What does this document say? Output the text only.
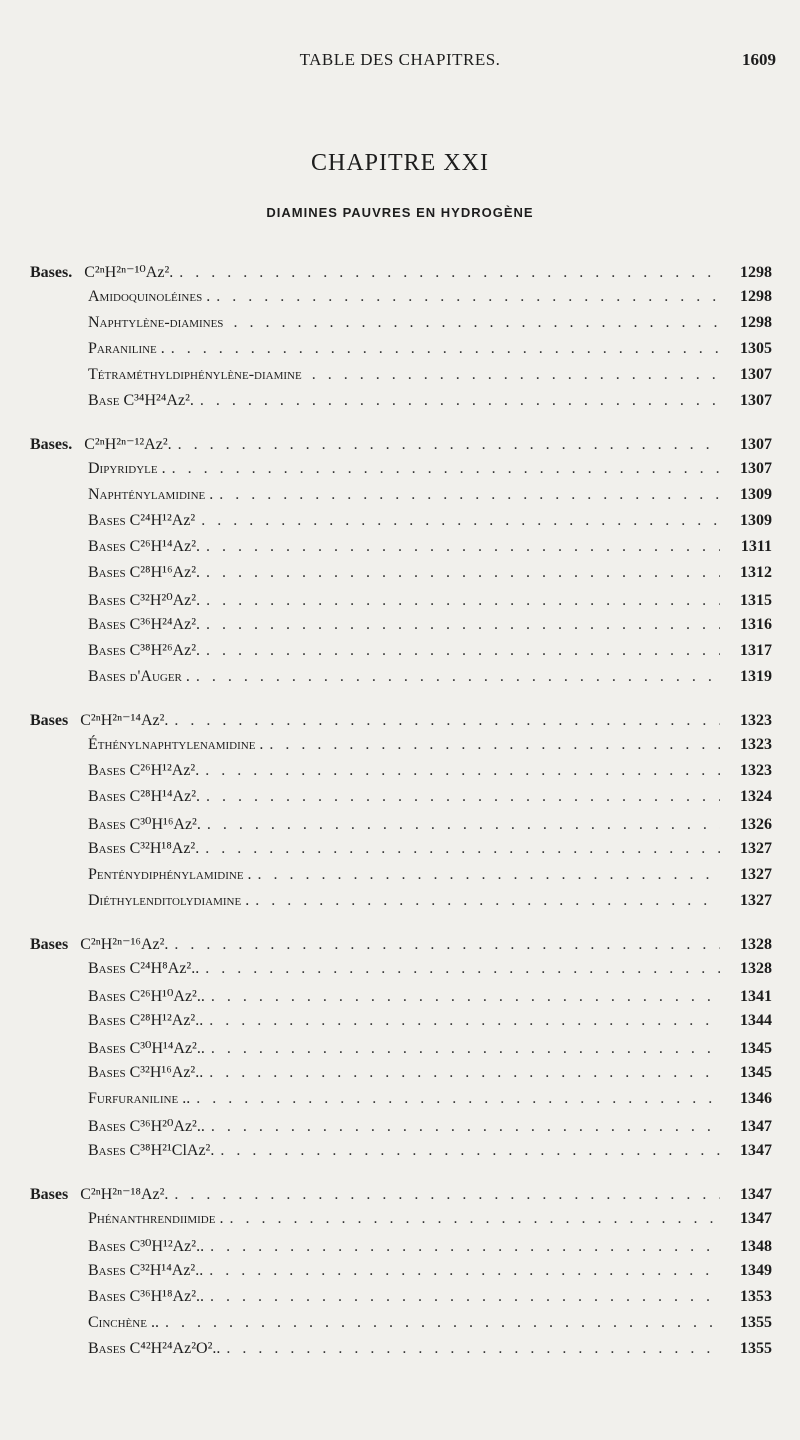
TABLE DES CHAPITRES.	1609
CHAPITRE XXI
DIAMINES PAUVRES EN HYDROGÈNE
Bases. C²ⁿH²ⁿ⁻¹⁰Az². . . .	1298
Amidoquinoléines . . . .	1298
Naphtylène-diamines . . .	1298
Paraniline . . . .	1305
Tétraméthyldiphénylène-diamine . . .	1307
Base C³⁴H²⁴Az². . . .	1307
Bases. C²ⁿH²ⁿ⁻¹²Az². . . .	1307
Dipyridyle . . . .	1307
Naphténylamidine . . . .	1309
Bases C²⁴H¹²Az² . . .	1309
Bases C²⁶H¹⁴Az². . . .	1311
Bases C²⁸H¹⁶Az². . . .	1312
Bases C³²H²⁰Az². . . .	1315
Bases C³⁶H²⁴Az². . . .	1316
Bases C³⁸H²⁶Az². . . .	1317
Bases d'Auger . . . .	1319
Bases C²ⁿH²ⁿ⁻¹⁴Az². . . .	1323
Éthénylnaphtylenamidine . . . .	1323
Bases C²⁶H¹²Az². . . .	1323
Bases C²⁸H¹⁴Az². . . .	1324
Bases C³⁰H¹⁶Az². . . .	1326
Bases C³²H¹⁸Az². . . .	1327
Penténydiphénylamidine . . . .	1327
Diéthylenditolydiamine . . . .	1327
Bases C²ⁿH²ⁿ⁻¹⁶Az². . . .	1328
Bases C²⁴H⁸Az².. . . .	1328
Bases C²⁶H¹⁰Az².. . . .	1341
Bases C²⁸H¹²Az².. . . .	1344
Bases C³⁰H¹⁴Az².. . . .	1345
Bases C³²H¹⁶Az².. . . .	1345
Furfuraniline .. . . .	1346
Bases C³⁶H²⁰Az².. . . .	1347
Bases C³⁸H²¹ClAz². . . .	1347
Bases C²ⁿH²ⁿ⁻¹⁸Az². . . .	1347
Phénanthrendiimide . . . .	1347
Bases C³⁰H¹²Az².. . . .	1348
Bases C³²H¹⁴Az².. . . .	1349
Bases C³⁶H¹⁸Az².. . . .	1353
Cinchène .. . . .	1355
Bases C⁴²H²⁴Az²O².. . . .	1355
